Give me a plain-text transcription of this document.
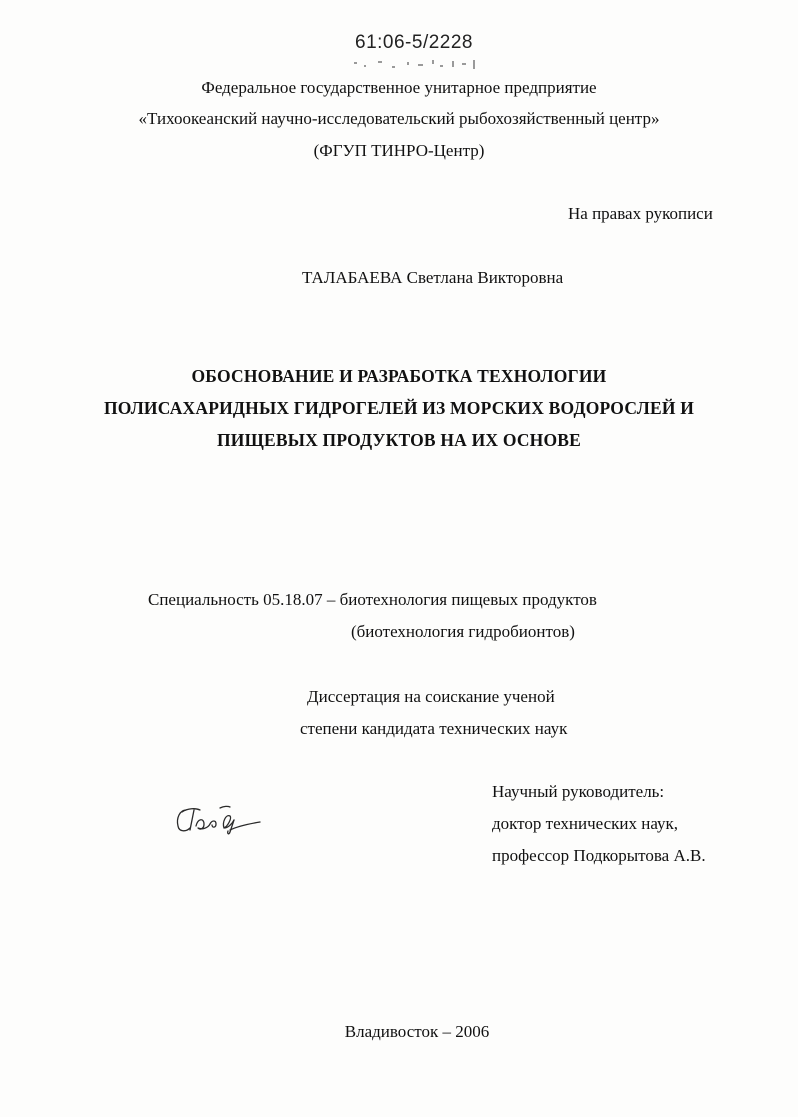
61:06-5/2228
Федеральное государственное унитарное предприятие
«Тихоокеанский научно-исследовательский рыбохозяйственный центр»
(ФГУП ТИНРО-Центр)
На правах рукописи
ТАЛАБАЕВА Светлана Викторовна
ОБОСНОВАНИЕ И РАЗРАБОТКА ТЕХНОЛОГИИ
ПОЛИСАХАРИДНЫХ ГИДРОГЕЛЕЙ ИЗ МОРСКИХ ВОДОРОСЛЕЙ И
ПИЩЕВЫХ ПРОДУКТОВ НА ИХ ОСНОВЕ
Специальность 05.18.07 – биотехнология пищевых продуктов
(биотехнология гидробионтов)
Диссертация на соискание ученой
степени кандидата технических наук
Научный руководитель:
доктор технических наук,
профессор Подкорытова А.В.
Владивосток – 2006
